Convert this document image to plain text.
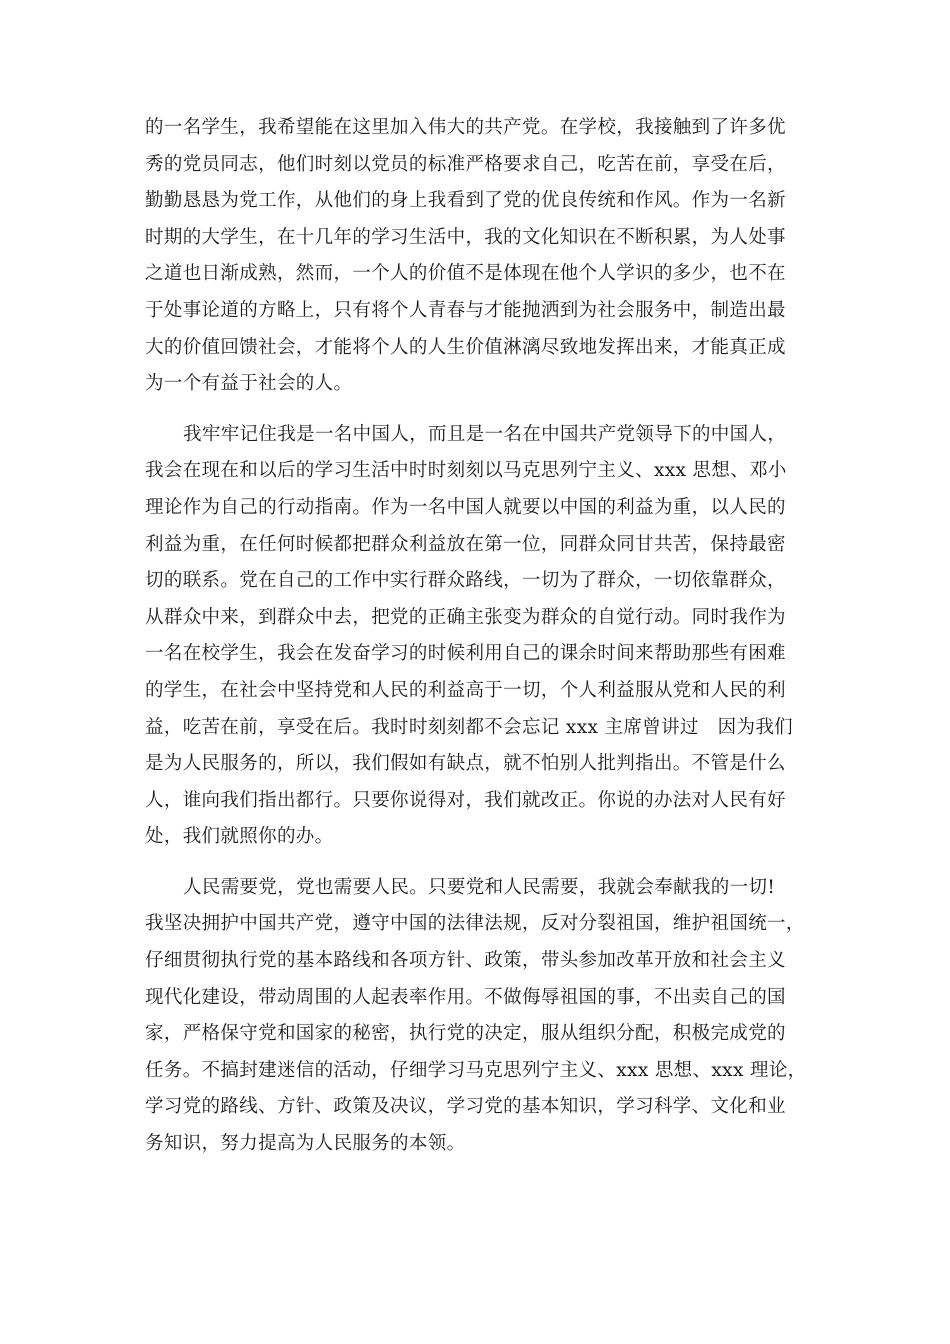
的一名学生，我希望能在这里加入伟大的共产党。在学校，我接触到了许多优
秀的党员同志，他们时刻以党员的标准严格要求自己，吃苦在前，享受在后，
勤勤恳恳为党工作，从他们的身上我看到了党的优良传统和作风。作为一名新
时期的大学生，在十几年的学习生活中，我的文化知识在不断积累，为人处事
之道也日渐成熟，然而，一个人的价值不是体现在他个人学识的多少，也不在
于处事论道的方略上，只有将个人青春与才能抛洒到为社会服务中，制造出最
大的价值回馈社会，才能将个人的人生价值淋漓尽致地发挥出来，才能真正成
为一个有益于社会的人。
我牢牢记住我是一名中国人，而且是一名在中国共产党领导下的中国人，
我会在现在和以后的学习生活中时时刻刻以马克思列宁主义、xxx 思想、邓小
理论作为自己的行动指南。作为一名中国人就要以中国的利益为重，以人民的
利益为重，在任何时候都把群众利益放在第一位，同群众同甘共苦，保持最密
切的联系。党在自己的工作中实行群众路线，一切为了群众，一切依靠群众，
从群众中来，到群众中去，把党的正确主张变为群众的自觉行动。同时我作为
一名在校学生，我会在发奋学习的时候利用自己的课余时间来帮助那些有困难
的学生，在社会中坚持党和人民的利益高于一切，个人利益服从党和人民的利
益，吃苦在前，享受在后。我时时刻刻都不会忘记 xxx 主席曾讲过　因为我们
是为人民服务的，所以，我们假如有缺点，就不怕别人批判指出。不管是什么
人，谁向我们指出都行。只要你说得对，我们就改正。你说的办法对人民有好
处，我们就照你的办。
人民需要党，党也需要人民。只要党和人民需要，我就会奉献我的一切!
我坚决拥护中国共产党，遵守中国的法律法规，反对分裂祖国，维护祖国统一，
仔细贯彻执行党的基本路线和各项方针、政策，带头参加改革开放和社会主义
现代化建设，带动周围的人起表率作用。不做侮辱祖国的事，不出卖自己的国
家，严格保守党和国家的秘密，执行党的决定，服从组织分配，积极完成党的
任务。不搞封建迷信的活动，仔细学习马克思列宁主义、xxx 思想、xxx 理论，
学习党的路线、方针、政策及决议，学习党的基本知识，学习科学、文化和业
务知识，努力提高为人民服务的本领。
